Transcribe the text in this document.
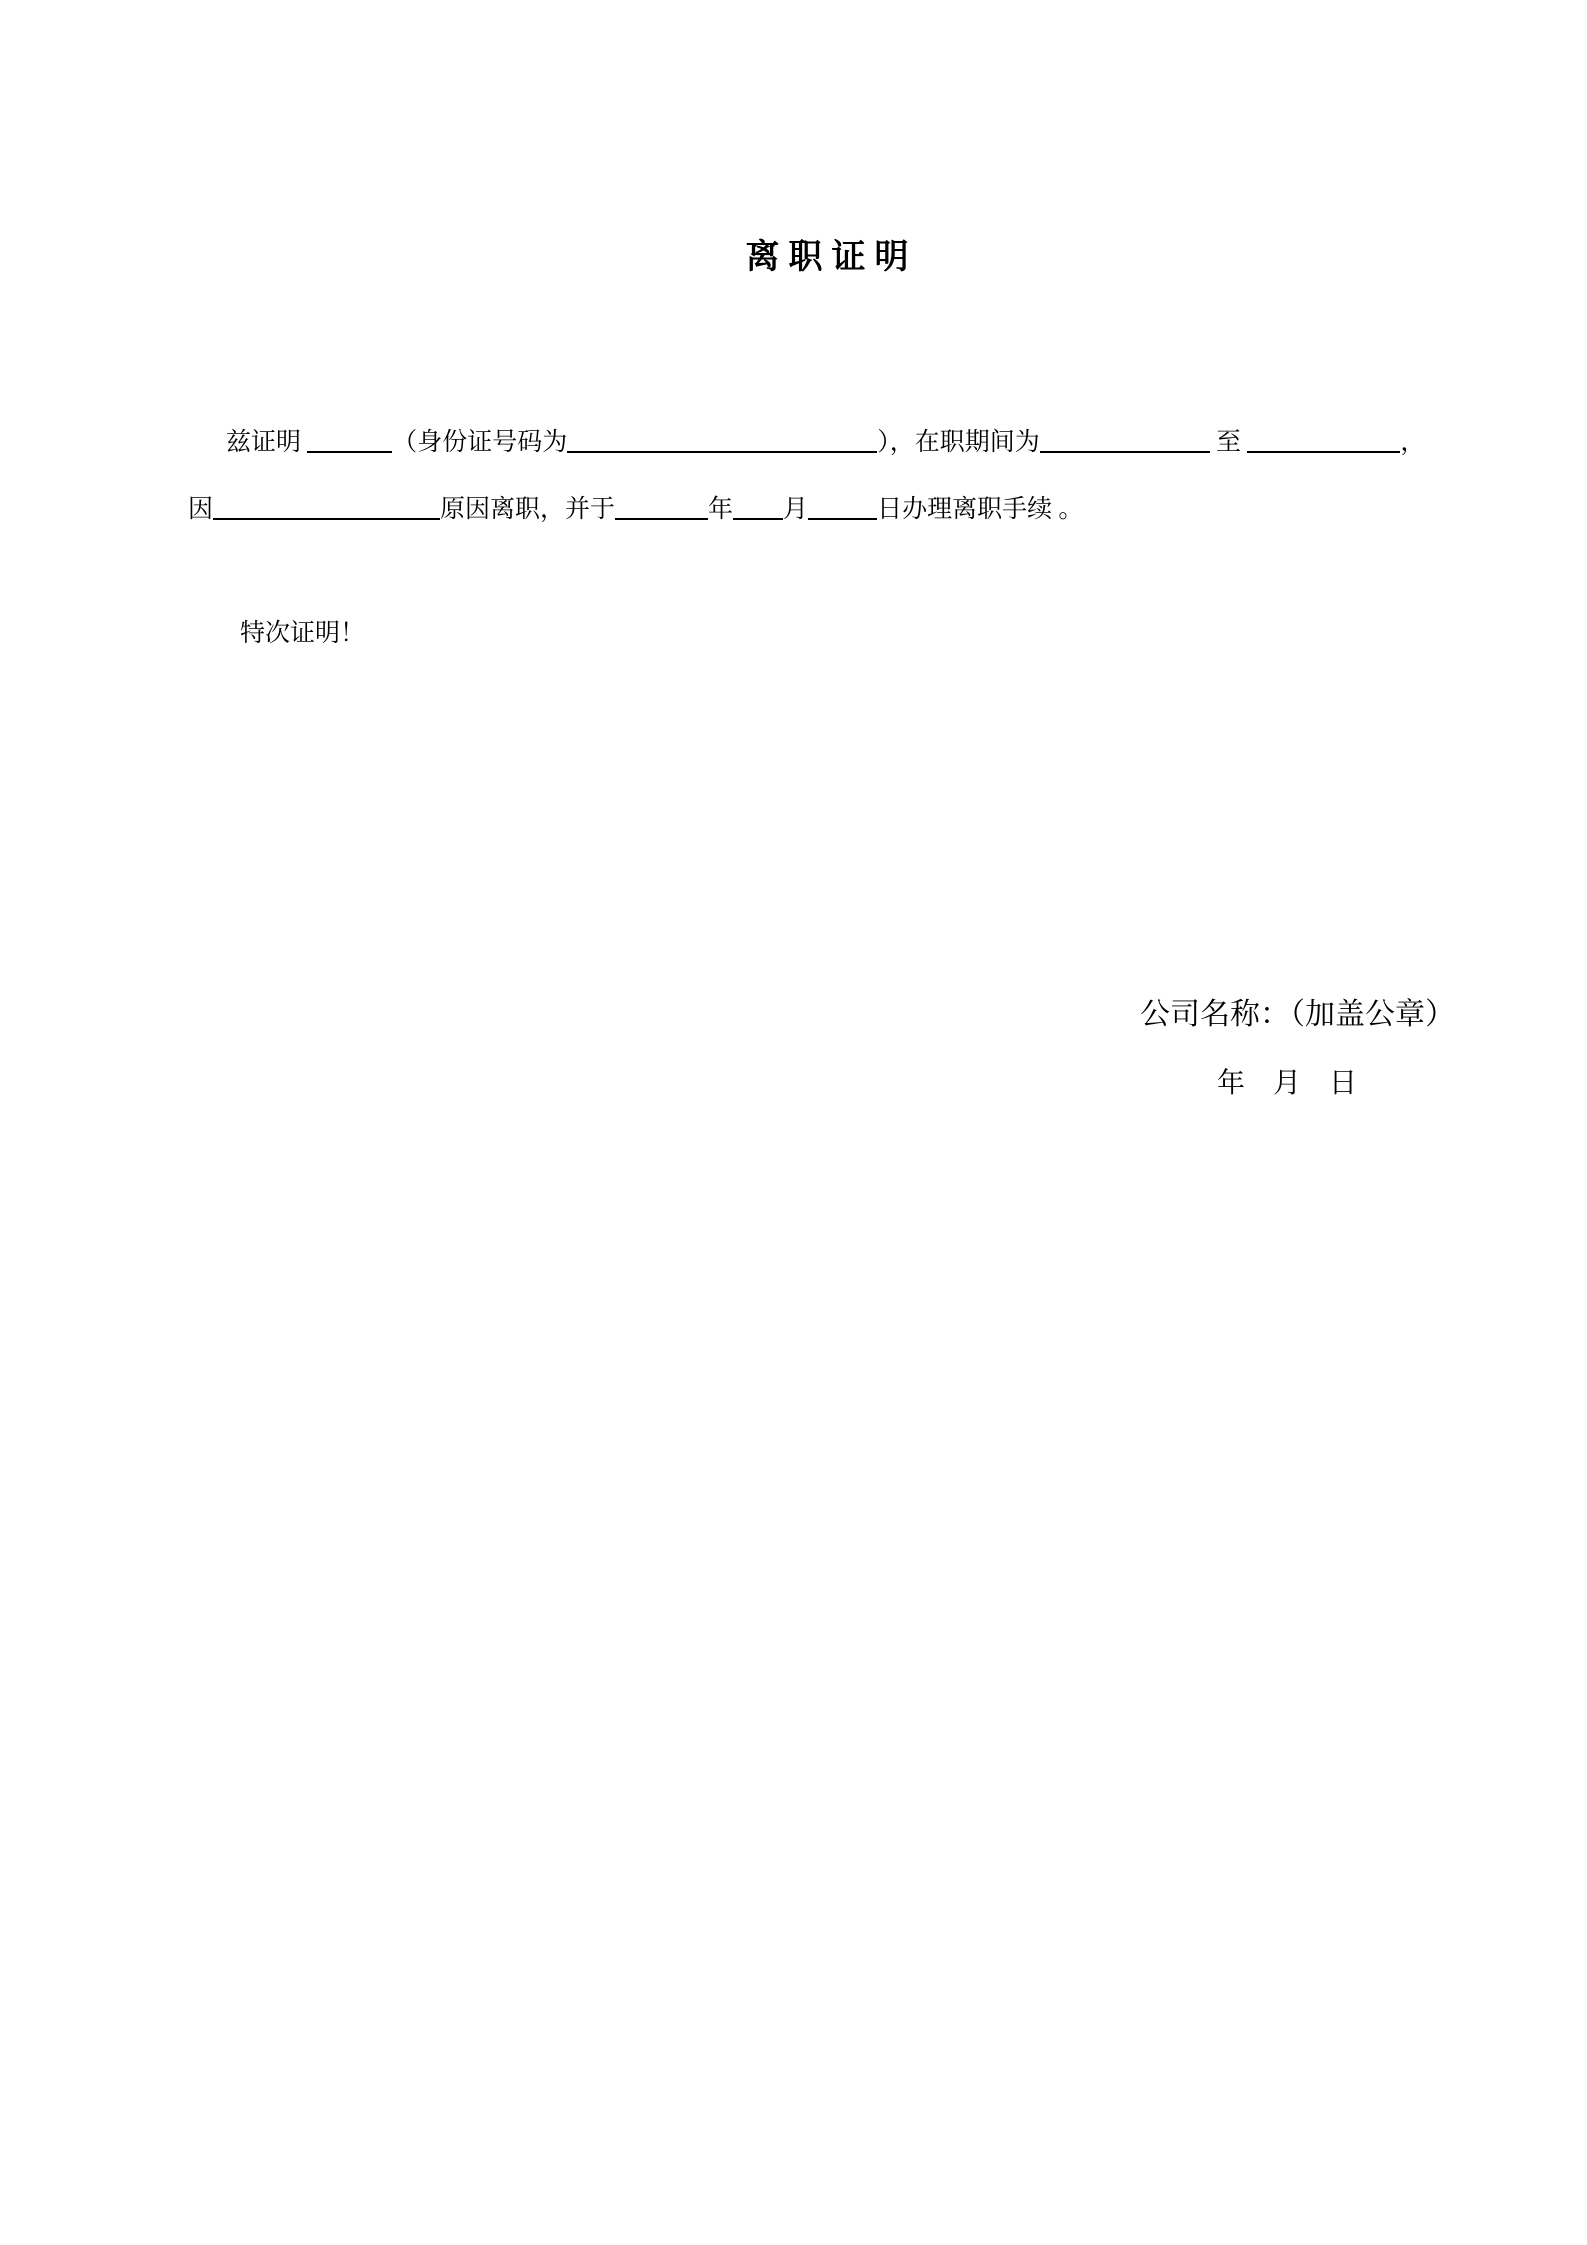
离职证明
兹证明	（身份证号码为	），在职期间为	至	，
因	原因离职，并于	年 月	日办理离职手续 。
特次证明！
公司名称：（加盖公章）
年　月　日
